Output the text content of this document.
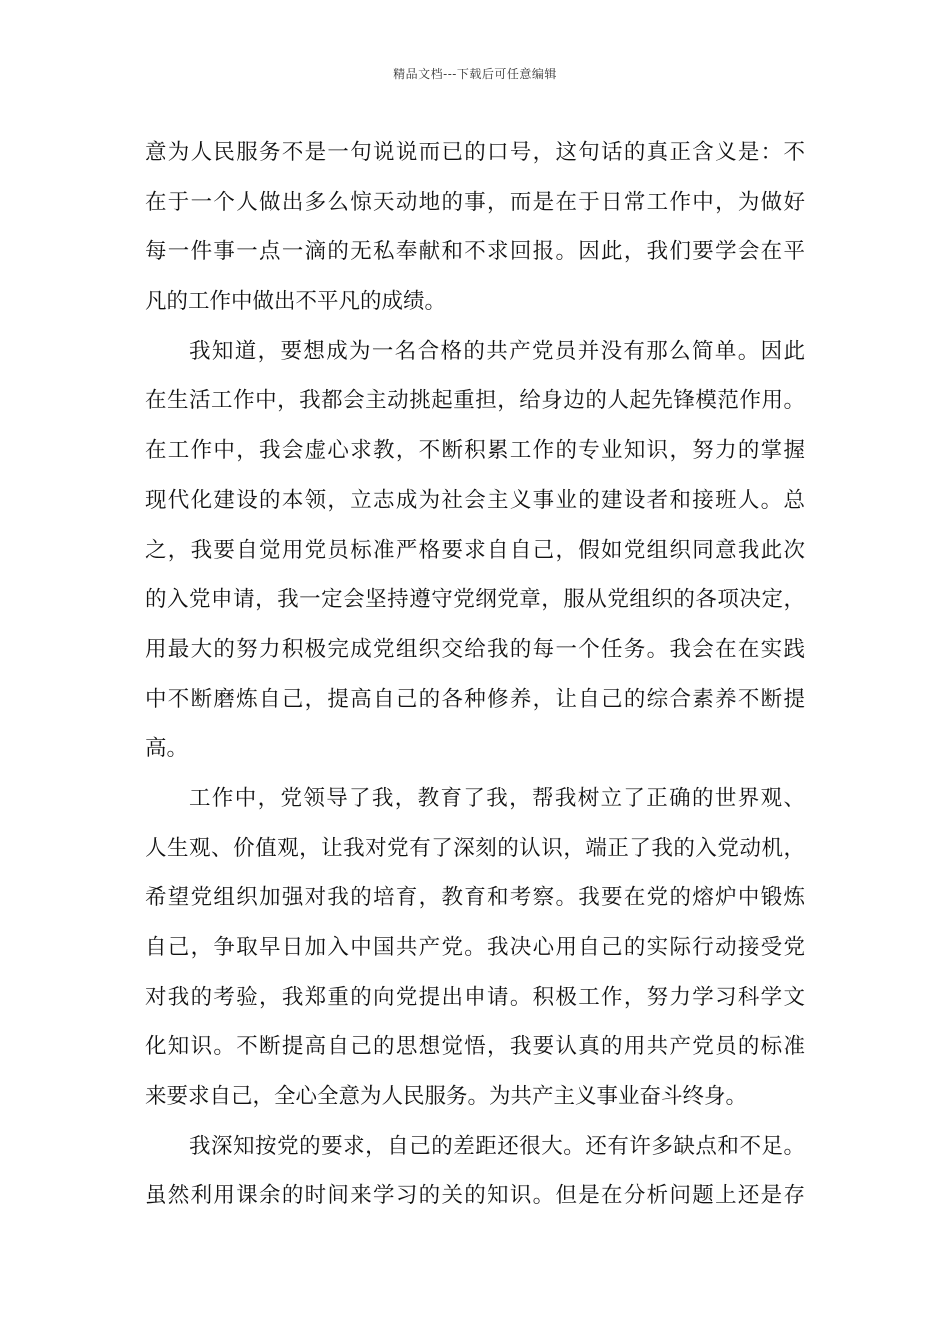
精品文档---下载后可任意编辑
意为人民服务不是一句说说而已的口号，这句话的真正含义是：不
在于一个人做出多么惊天动地的事，而是在于日常工作中，为做好
每一件事一点一滴的无私奉献和不求回报。因此，我们要学会在平
凡的工作中做出不平凡的成绩。
我知道，要想成为一名合格的共产党员并没有那么简单。因此
在生活工作中，我都会主动挑起重担，给身边的人起先锋模范作用。
在工作中，我会虚心求教，不断积累工作的专业知识，努力的掌握
现代化建设的本领，立志成为社会主义事业的建设者和接班人。总
之，我要自觉用党员标准严格要求自自己，假如党组织同意我此次
的入党申请，我一定会坚持遵守党纲党章，服从党组织的各项决定，
用最大的努力积极完成党组织交给我的每一个任务。我会在在实践
中不断磨炼自己，提高自己的各种修养，让自己的综合素养不断提
高。
工作中，党领导了我，教育了我，帮我树立了正确的世界观、
人生观、价值观，让我对党有了深刻的认识，端正了我的入党动机，
希望党组织加强对我的培育，教育和考察。我要在党的熔炉中锻炼
自己，争取早日加入中国共产党。我决心用自己的实际行动接受党
对我的考验，我郑重的向党提出申请。积极工作，努力学习科学文
化知识。不断提高自己的思想觉悟，我要认真的用共产党员的标准
来要求自己，全心全意为人民服务。为共产主义事业奋斗终身。
我深知按党的要求，自己的差距还很大。还有许多缺点和不足。
虽然利用课余的时间来学习的关的知识。但是在分析问题上还是存
